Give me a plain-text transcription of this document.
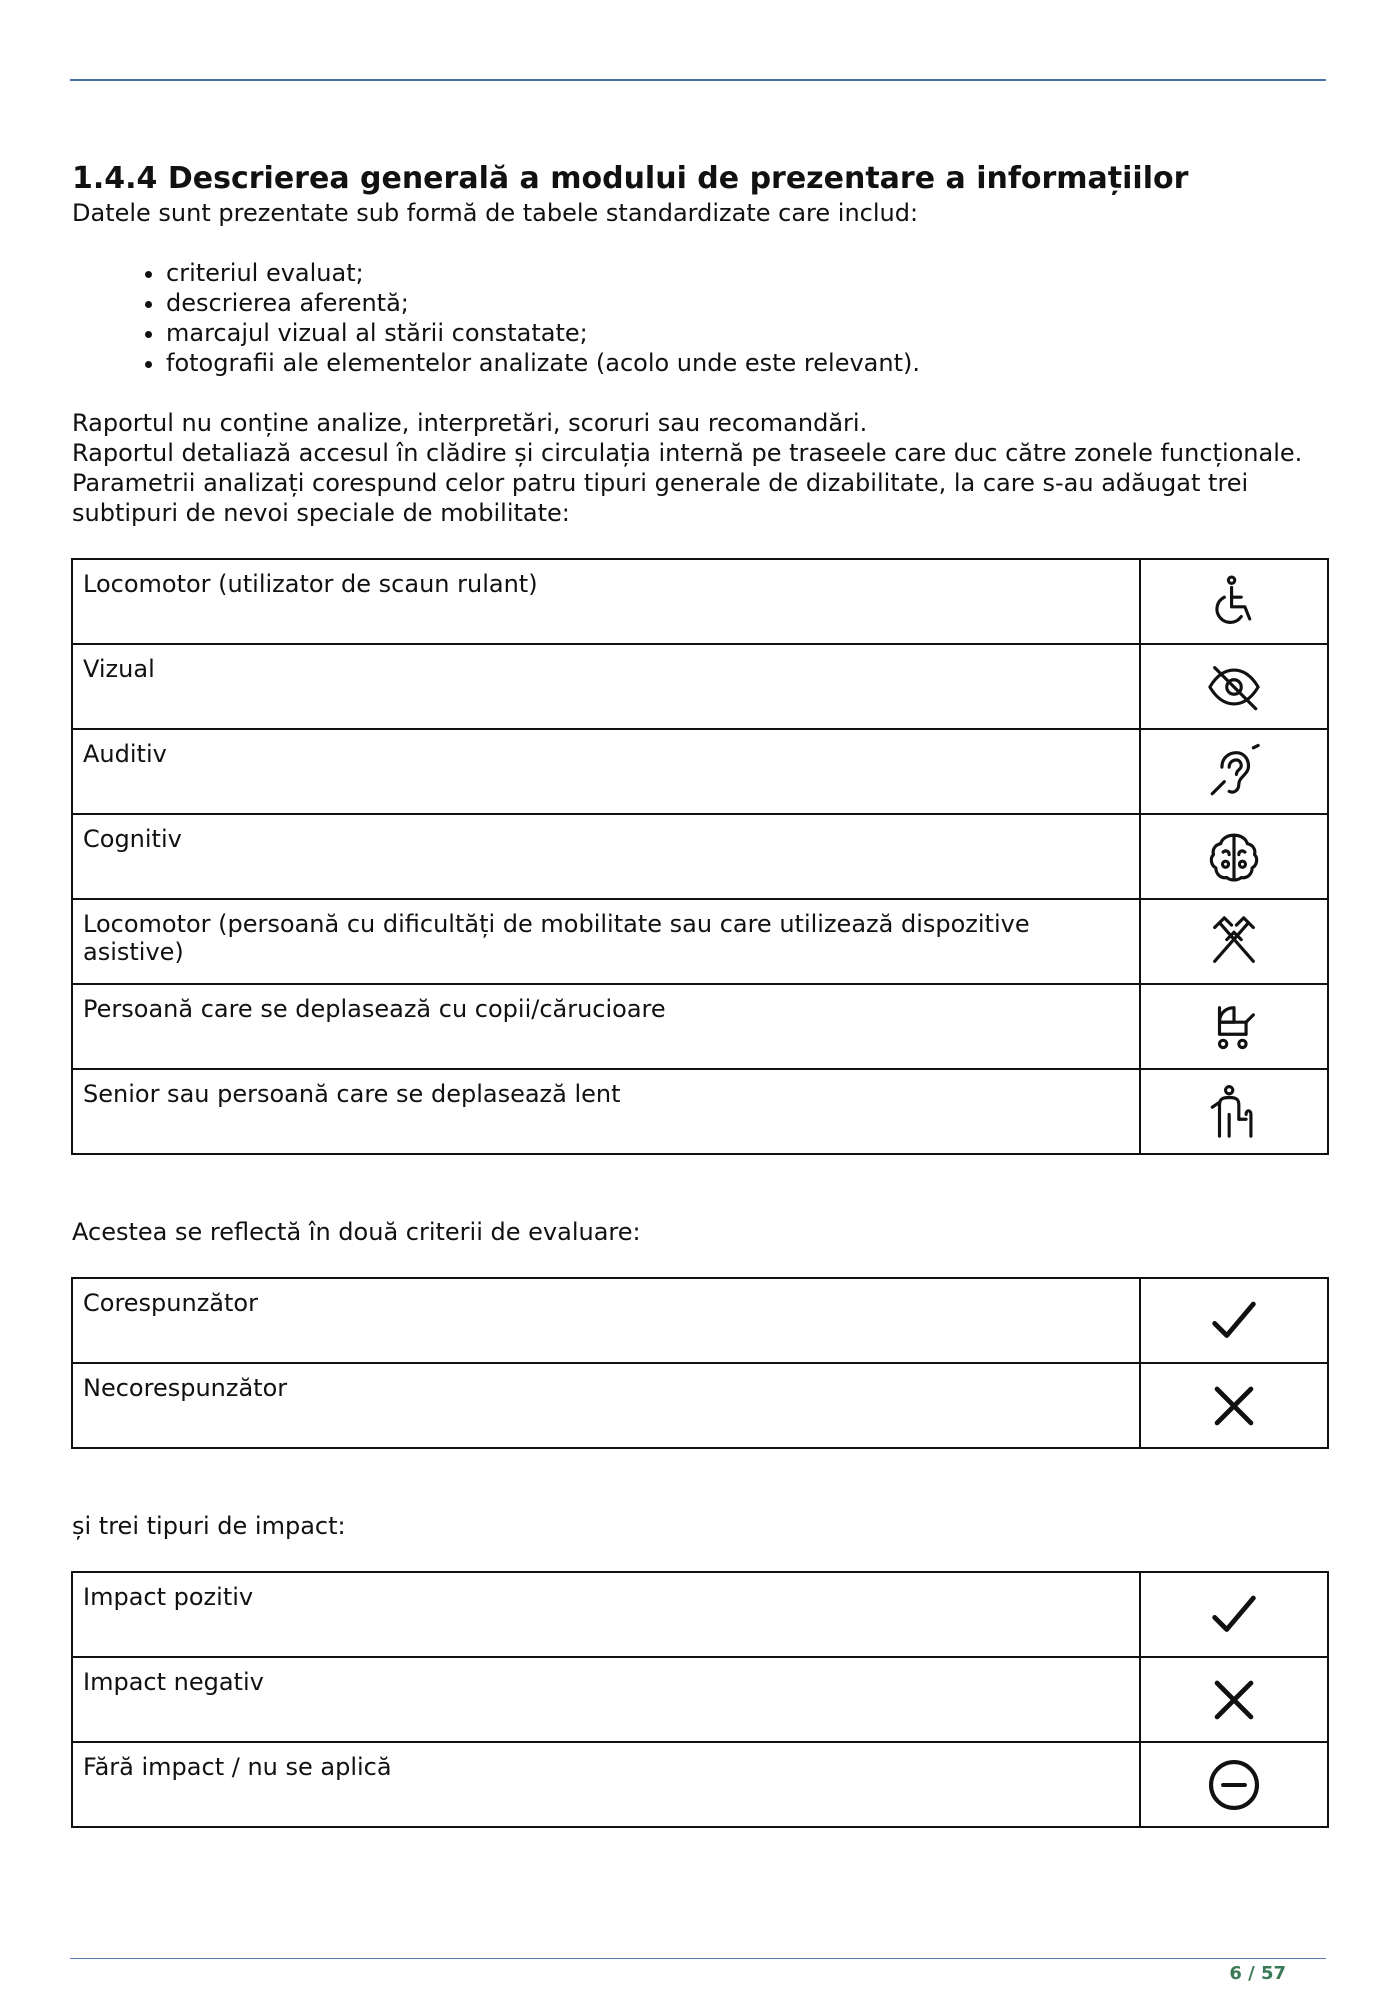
1.4.4 Descrierea generală a modului de prezentare a informațiilor

Datele sunt prezentate sub formă de tabele standardizate care includ:

• criteriul evaluat;
• descrierea aferentă;
• marcajul vizual al stării constatate;
• fotografii ale elementelor analizate (acolo unde este relevant).

Raportul nu conține analize, interpretări, scoruri sau recomandări.

Raportul detaliază accesul în clădire și circulația internă pe traseele care duc către zonele funcționale.

Parametrii analizați corespund celor patru tipuri generale de dizabilitate, la care s-au adăugat trei subtipuri de nevoi speciale de mobilitate:

Locomotor (utilizator de scaun rulant)	
Vizual	
Auditiv	
Cognitiv	
Locomotor (persoană cu dificultăți de mobilitate sau care utilizează dispozitive asistive)	
Persoană care se deplasează cu copii/cărucioare	
Senior sau persoană care se deplasează lent	

Acestea se reflectă în două criterii de evaluare:

Corespunzător	
Necorespunzător	

și trei tipuri de impact:

Impact pozitiv	
Impact negativ	
Fără impact / nu se aplică	
6 / 57
